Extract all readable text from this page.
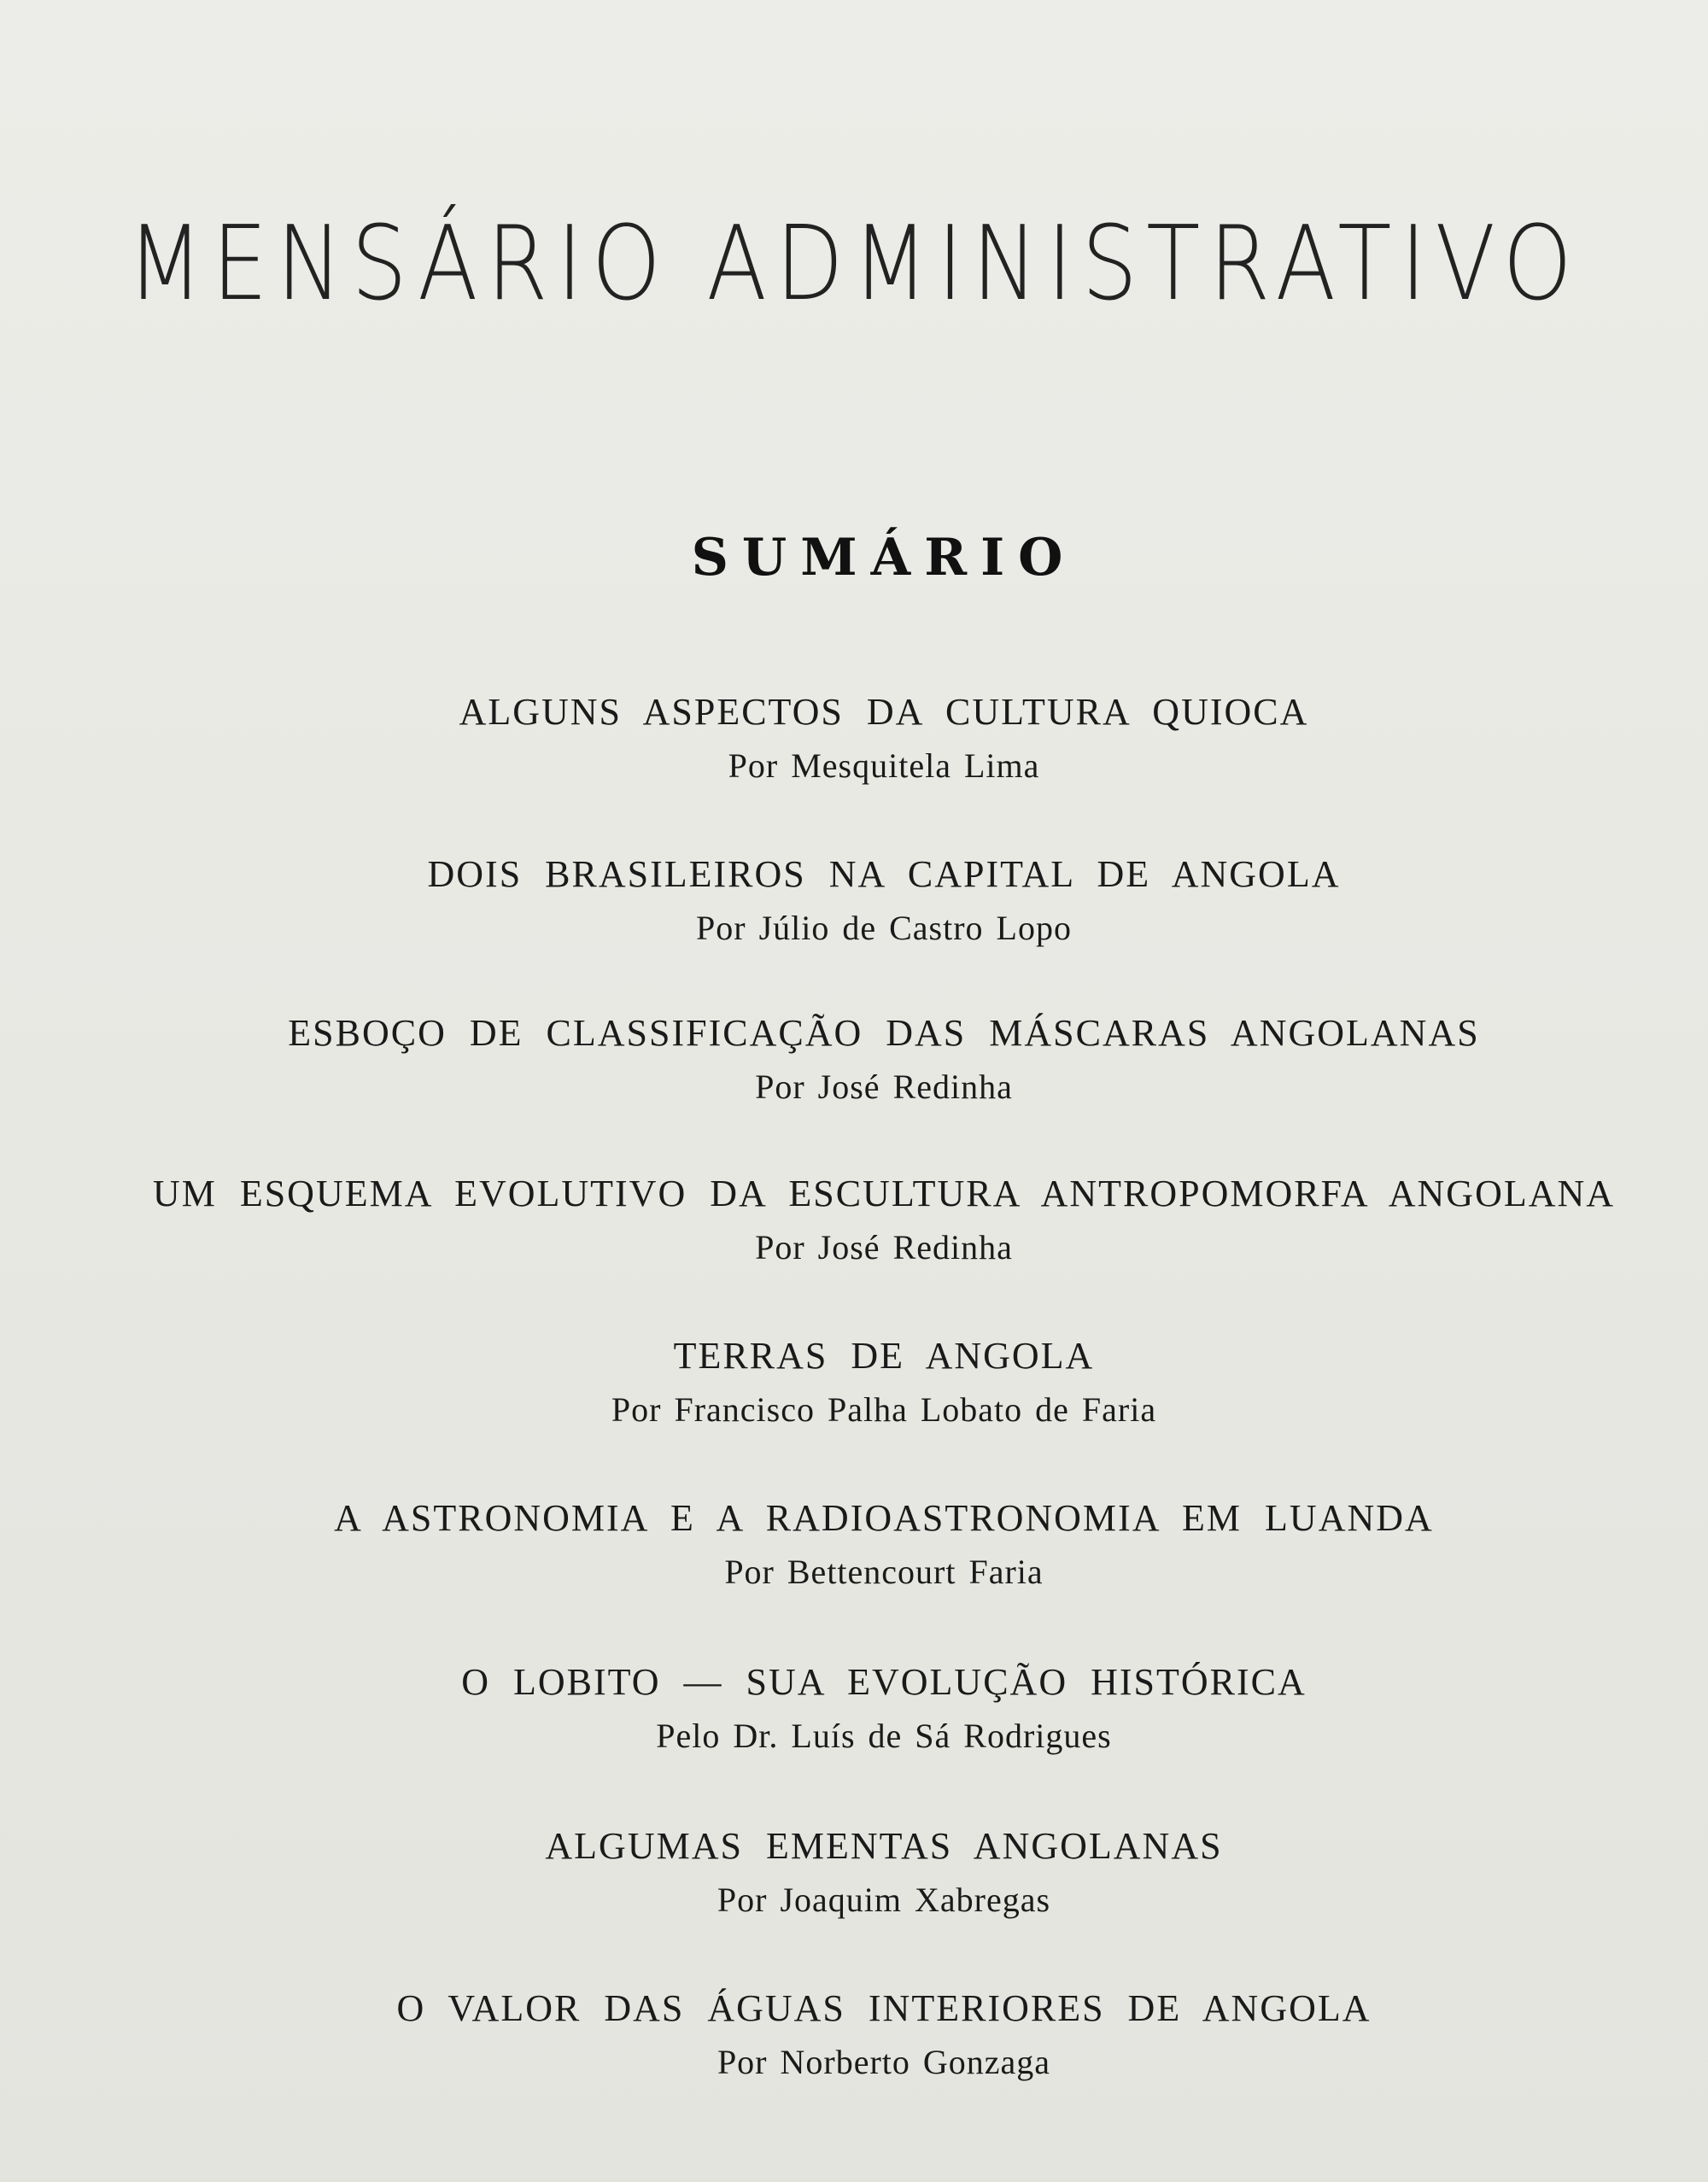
MENSÁRIO ADMINISTRATIVO
SUMÁRIO
ALGUNS ASPECTOS DA CULTURA QUIOCA
Por Mesquitela Lima
DOIS BRASILEIROS NA CAPITAL DE ANGOLA
Por Júlio de Castro Lopo
ESBOÇO DE CLASSIFICAÇÃO DAS MÁSCARAS ANGOLANAS
Por José Redinha
UM ESQUEMA EVOLUTIVO DA ESCULTURA ANTROPOMORFA ANGOLANA
Por José Redinha
TERRAS DE ANGOLA
Por Francisco Palha Lobato de Faria
A ASTRONOMIA E A RADIOASTRONOMIA EM LUANDA
Por Bettencourt Faria
O LOBITO — SUA EVOLUÇÃO HISTÓRICA
Pelo Dr. Luís de Sá Rodrigues
ALGUMAS EMENTAS ANGOLANAS
Por Joaquim Xabregas
O VALOR DAS ÁGUAS INTERIORES DE ANGOLA
Por Norberto Gonzaga
